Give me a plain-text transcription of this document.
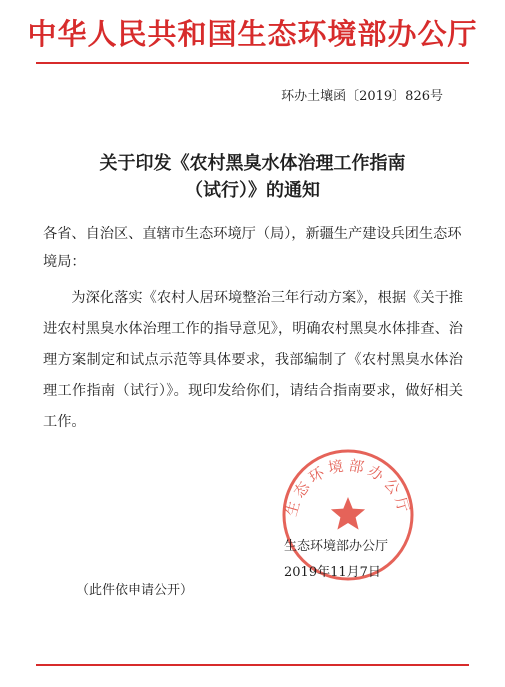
中华人民共和国生态环境部办公厅
环办土壤函〔2019〕826号
关于印发《农村黑臭水体治理工作指南
（试行）》的通知
各省、自治区、直辖市生态环境厅（局），新疆生产建设兵团生态环境局：
为深化落实《农村人居环境整治三年行动方案》，根据《关于推进农村黑臭水体治理工作的指导意见》，明确农村黑臭水体排查、治理方案制定和试点示范等具体要求，我部编制了《农村黑臭水体治理工作指南（试行）》。现印发给你们，请结合指南要求，做好相关工作。
生态环境部办公厅
生态环境部办公厅
2019年11月7日
（此件依申请公开）
